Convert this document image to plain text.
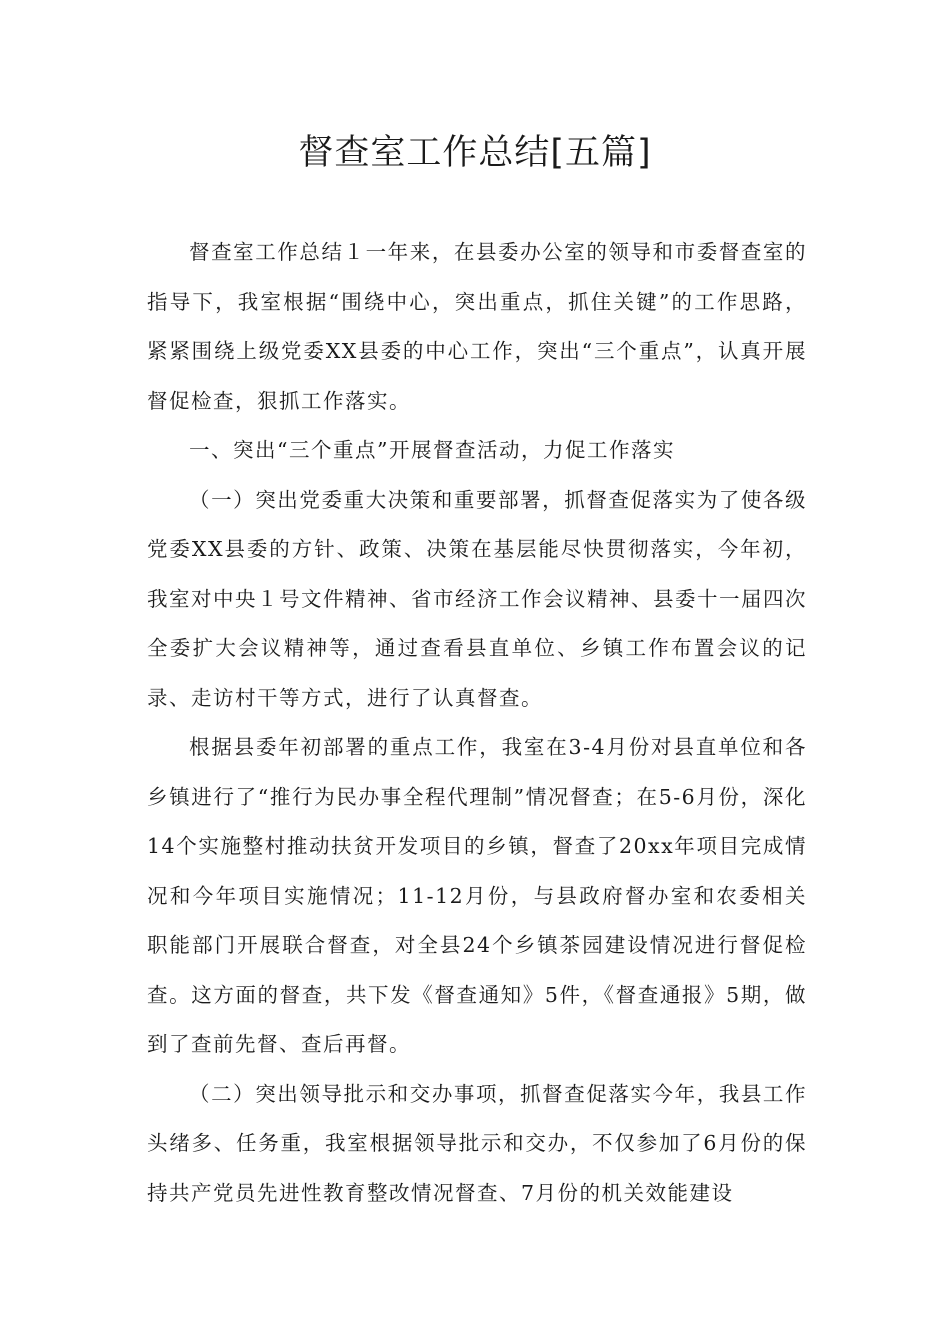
督查室工作总结[五篇]

督查室工作总结１一年来，在县委办公室的领导和市委督查室的指导下，我室根据“围绕中心，突出重点，抓住关键”的工作思路，紧紧围绕上级党委XX县委的中心工作，突出“三个重点”，认真开展督促检查，狠抓工作落实。

一、突出“三个重点”开展督查活动，力促工作落实

（一）突出党委重大决策和重要部署，抓督查促落实为了使各级党委XX县委的方针、政策、决策在基层能尽快贯彻落实，今年初，我室对中央１号文件精神、省市经济工作会议精神、县委十一届四次全委扩大会议精神等，通过查看县直单位、乡镇工作布置会议的记录、走访村干等方式，进行了认真督查。

根据县委年初部署的重点工作，我室在3-4月份对县直单位和各乡镇进行了“推行为民办事全程代理制”情况督查；在5-6月份，深化14个实施整村推动扶贫开发项目的乡镇，督查了20xx年项目完成情况和今年项目实施情况；11-12月份，与县政府督办室和农委相关职能部门开展联合督查，对全县24个乡镇茶园建设情况进行督促检查。这方面的督查，共下发《督查通知》5件，《督查通报》5期，做到了查前先督、查后再督。

（二）突出领导批示和交办事项，抓督查促落实今年，我县工作头绪多、任务重，我室根据领导批示和交办，不仅参加了6月份的保持共产党员先进性教育整改情况督查、7月份的机关效能建设
